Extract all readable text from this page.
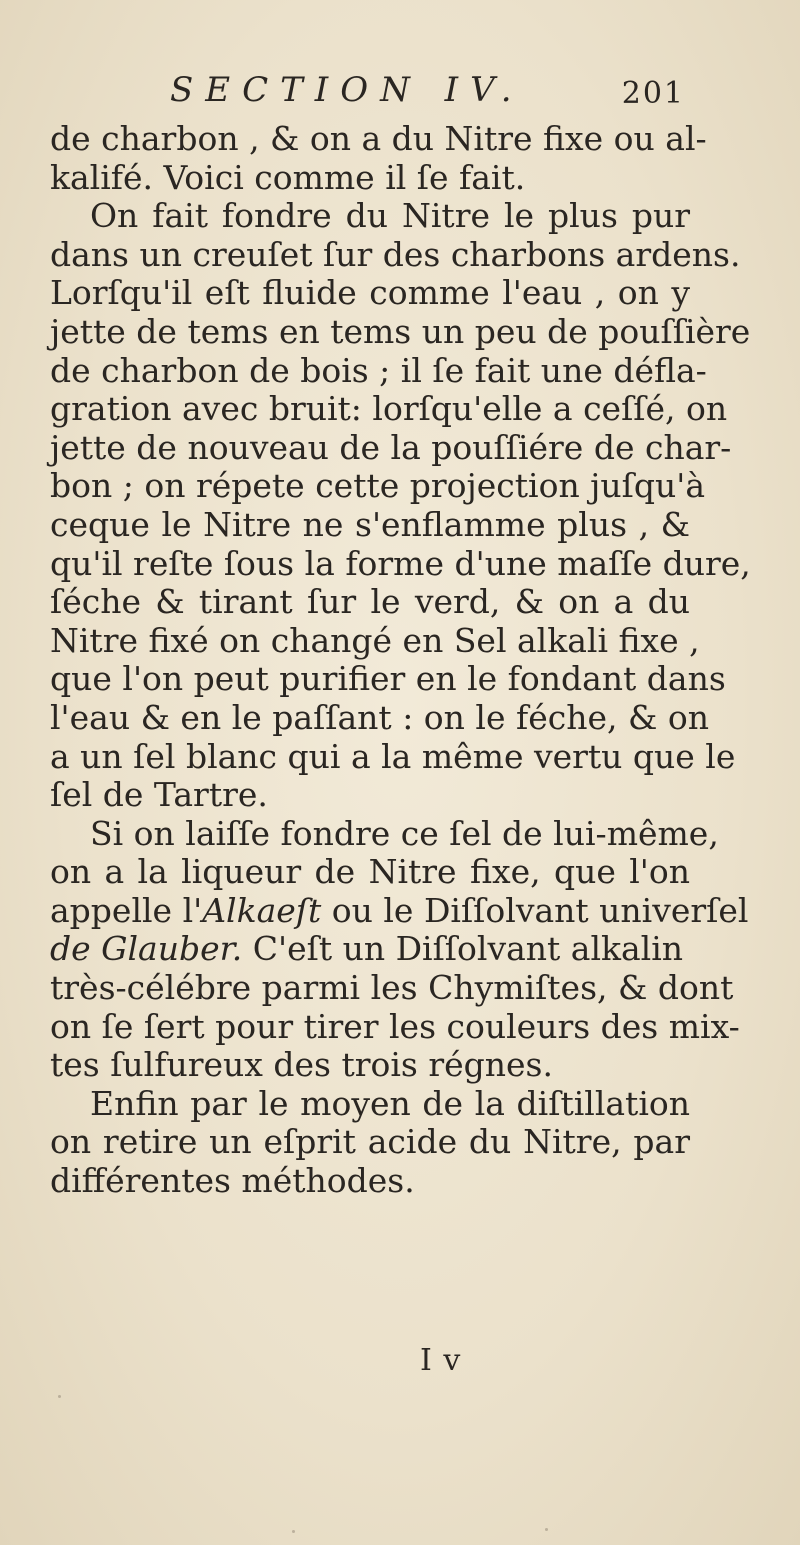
SECTION IV.	201
de charbon , & on a du Nitre fixe ou al-
kalifé. Voici comme il ſe fait.
On fait fondre du Nitre le plus pur
dans un creuſet ſur des charbons ardens.
Lorſqu'il eſt fluide comme l'eau , on y
jette de tems en tems un peu de pouſſière
de charbon de bois ; il ſe fait une défla-
gration avec bruit: lorſqu'elle a ceſſé, on
jette de nouveau de la pouſſiére de char-
bon ; on répete cette projection juſqu'à
ceque le Nitre ne s'enflamme plus , &
qu'il reſte ſous la forme d'une maſſe dure,
ſéche & tirant ſur le verd, & on a du
Nitre fixé on changé en Sel alkali fixe ,
que l'on peut purifier en le fondant dans
l'eau & en le paſſant : on le féche, & on
a un ſel blanc qui a la même vertu que le
ſel de Tartre.
Si on laiſſe fondre ce ſel de lui-même,
on a la liqueur de Nitre fixe, que l'on
appelle l'Alkaeſt ou le Diſſolvant univerſel
de Glauber. C'eſt un Diſſolvant alkalin
très-célébre parmi les Chymiſtes, & dont
on ſe ſert pour tirer les couleurs des mix-
tes ſulfureux des trois régnes.
Enfin par le moyen de la diſtillation
on retire un eſprit acide du Nitre, par
différentes méthodes.
I v
